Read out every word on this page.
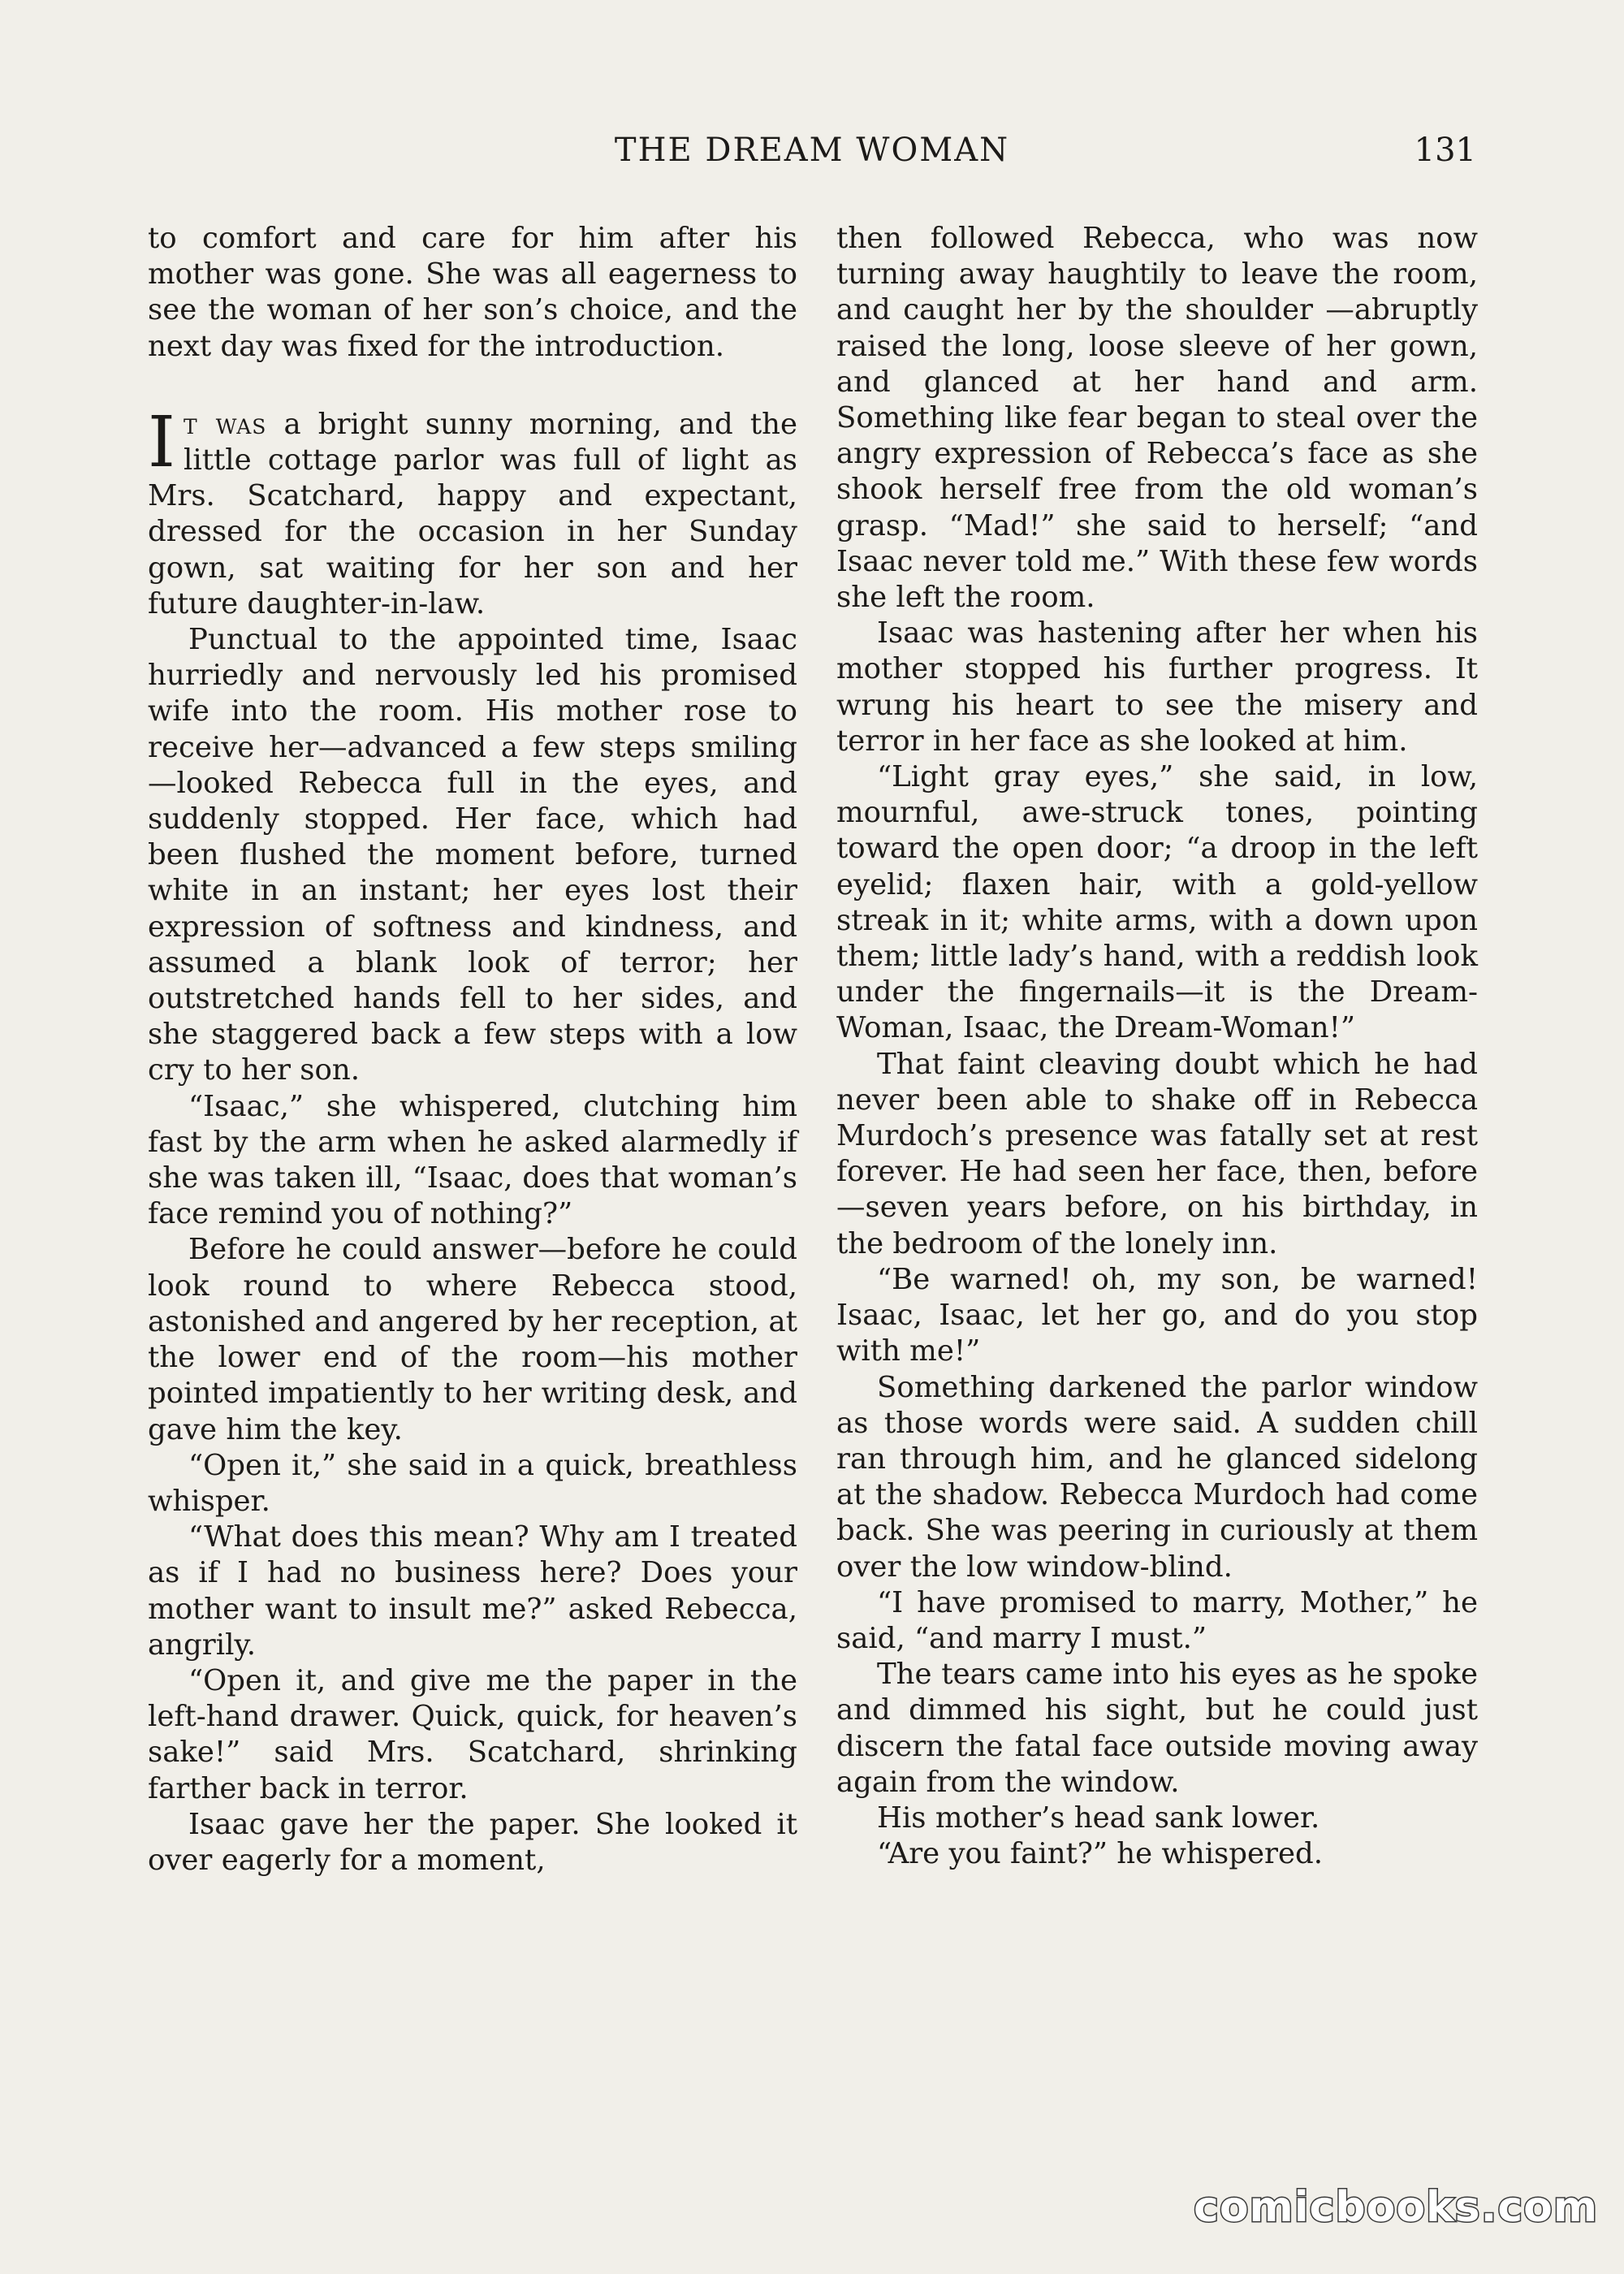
THE DREAM WOMAN	131

to comfort and care for him after his mother was gone. She was all eagerness to see the woman of her son’s choice, and the next day was fixed for the introduction.

It was a bright sunny morning, and the little cottage parlor was full of light as Mrs. Scatchard, happy and expectant, dressed for the occasion in her Sunday gown, sat waiting for her son and her future daughter-in-law.

Punctual to the appointed time, Isaac hurriedly and nervously led his promised wife into the room. His mother rose to receive her—advanced a few steps smiling—looked Rebecca full in the eyes, and suddenly stopped. Her face, which had been flushed the moment before, turned white in an instant; her eyes lost their expression of softness and kindness, and assumed a blank look of terror; her outstretched hands fell to her sides, and she staggered back a few steps with a low cry to her son.

“Isaac,” she whispered, clutching him fast by the arm when he asked alarmedly if she was taken ill, “Isaac, does that woman’s face remind you of nothing?”

Before he could answer—before he could look round to where Rebecca stood, astonished and angered by her reception, at the lower end of the room—his mother pointed impatiently to her writing desk, and gave him the key.

“Open it,” she said in a quick, breathless whisper.

“What does this mean? Why am I treated as if I had no business here? Does your mother want to insult me?” asked Rebecca, angrily.

“Open it, and give me the paper in the left-hand drawer. Quick, quick, for heaven’s sake!” said Mrs. Scatchard, shrinking farther back in terror.

Isaac gave her the paper. She looked it over eagerly for a moment,

then followed Rebecca, who was now turning away haughtily to leave the room, and caught her by the shoulder —abruptly raised the long, loose sleeve of her gown, and glanced at her hand and arm. Something like fear began to steal over the angry expression of Rebecca’s face as she shook herself free from the old woman’s grasp. “Mad!” she said to herself; “and Isaac never told me.” With these few words she left the room.

Isaac was hastening after her when his mother stopped his further progress. It wrung his heart to see the misery and terror in her face as she looked at him.

“Light gray eyes,” she said, in low, mournful, awe-struck tones, pointing toward the open door; “a droop in the left eyelid; flaxen hair, with a gold-yellow streak in it; white arms, with a down upon them; little lady’s hand, with a reddish look under the fingernails—it is the Dream-Woman, Isaac, the Dream-Woman!”

That faint cleaving doubt which he had never been able to shake off in Rebecca Murdoch’s presence was fatally set at rest forever. He had seen her face, then, before—seven years before, on his birthday, in the bedroom of the lonely inn.

“Be warned! oh, my son, be warned! Isaac, Isaac, let her go, and do you stop with me!”

Something darkened the parlor window as those words were said. A sudden chill ran through him, and he glanced sidelong at the shadow. Rebecca Murdoch had come back. She was peering in curiously at them over the low window-blind.

“I have promised to marry, Mother,” he said, “and marry I must.”

The tears came into his eyes as he spoke and dimmed his sight, but he could just discern the fatal face outside moving away again from the window.

His mother’s head sank lower.

“Are you faint?” he whispered.

comicbooks.com
